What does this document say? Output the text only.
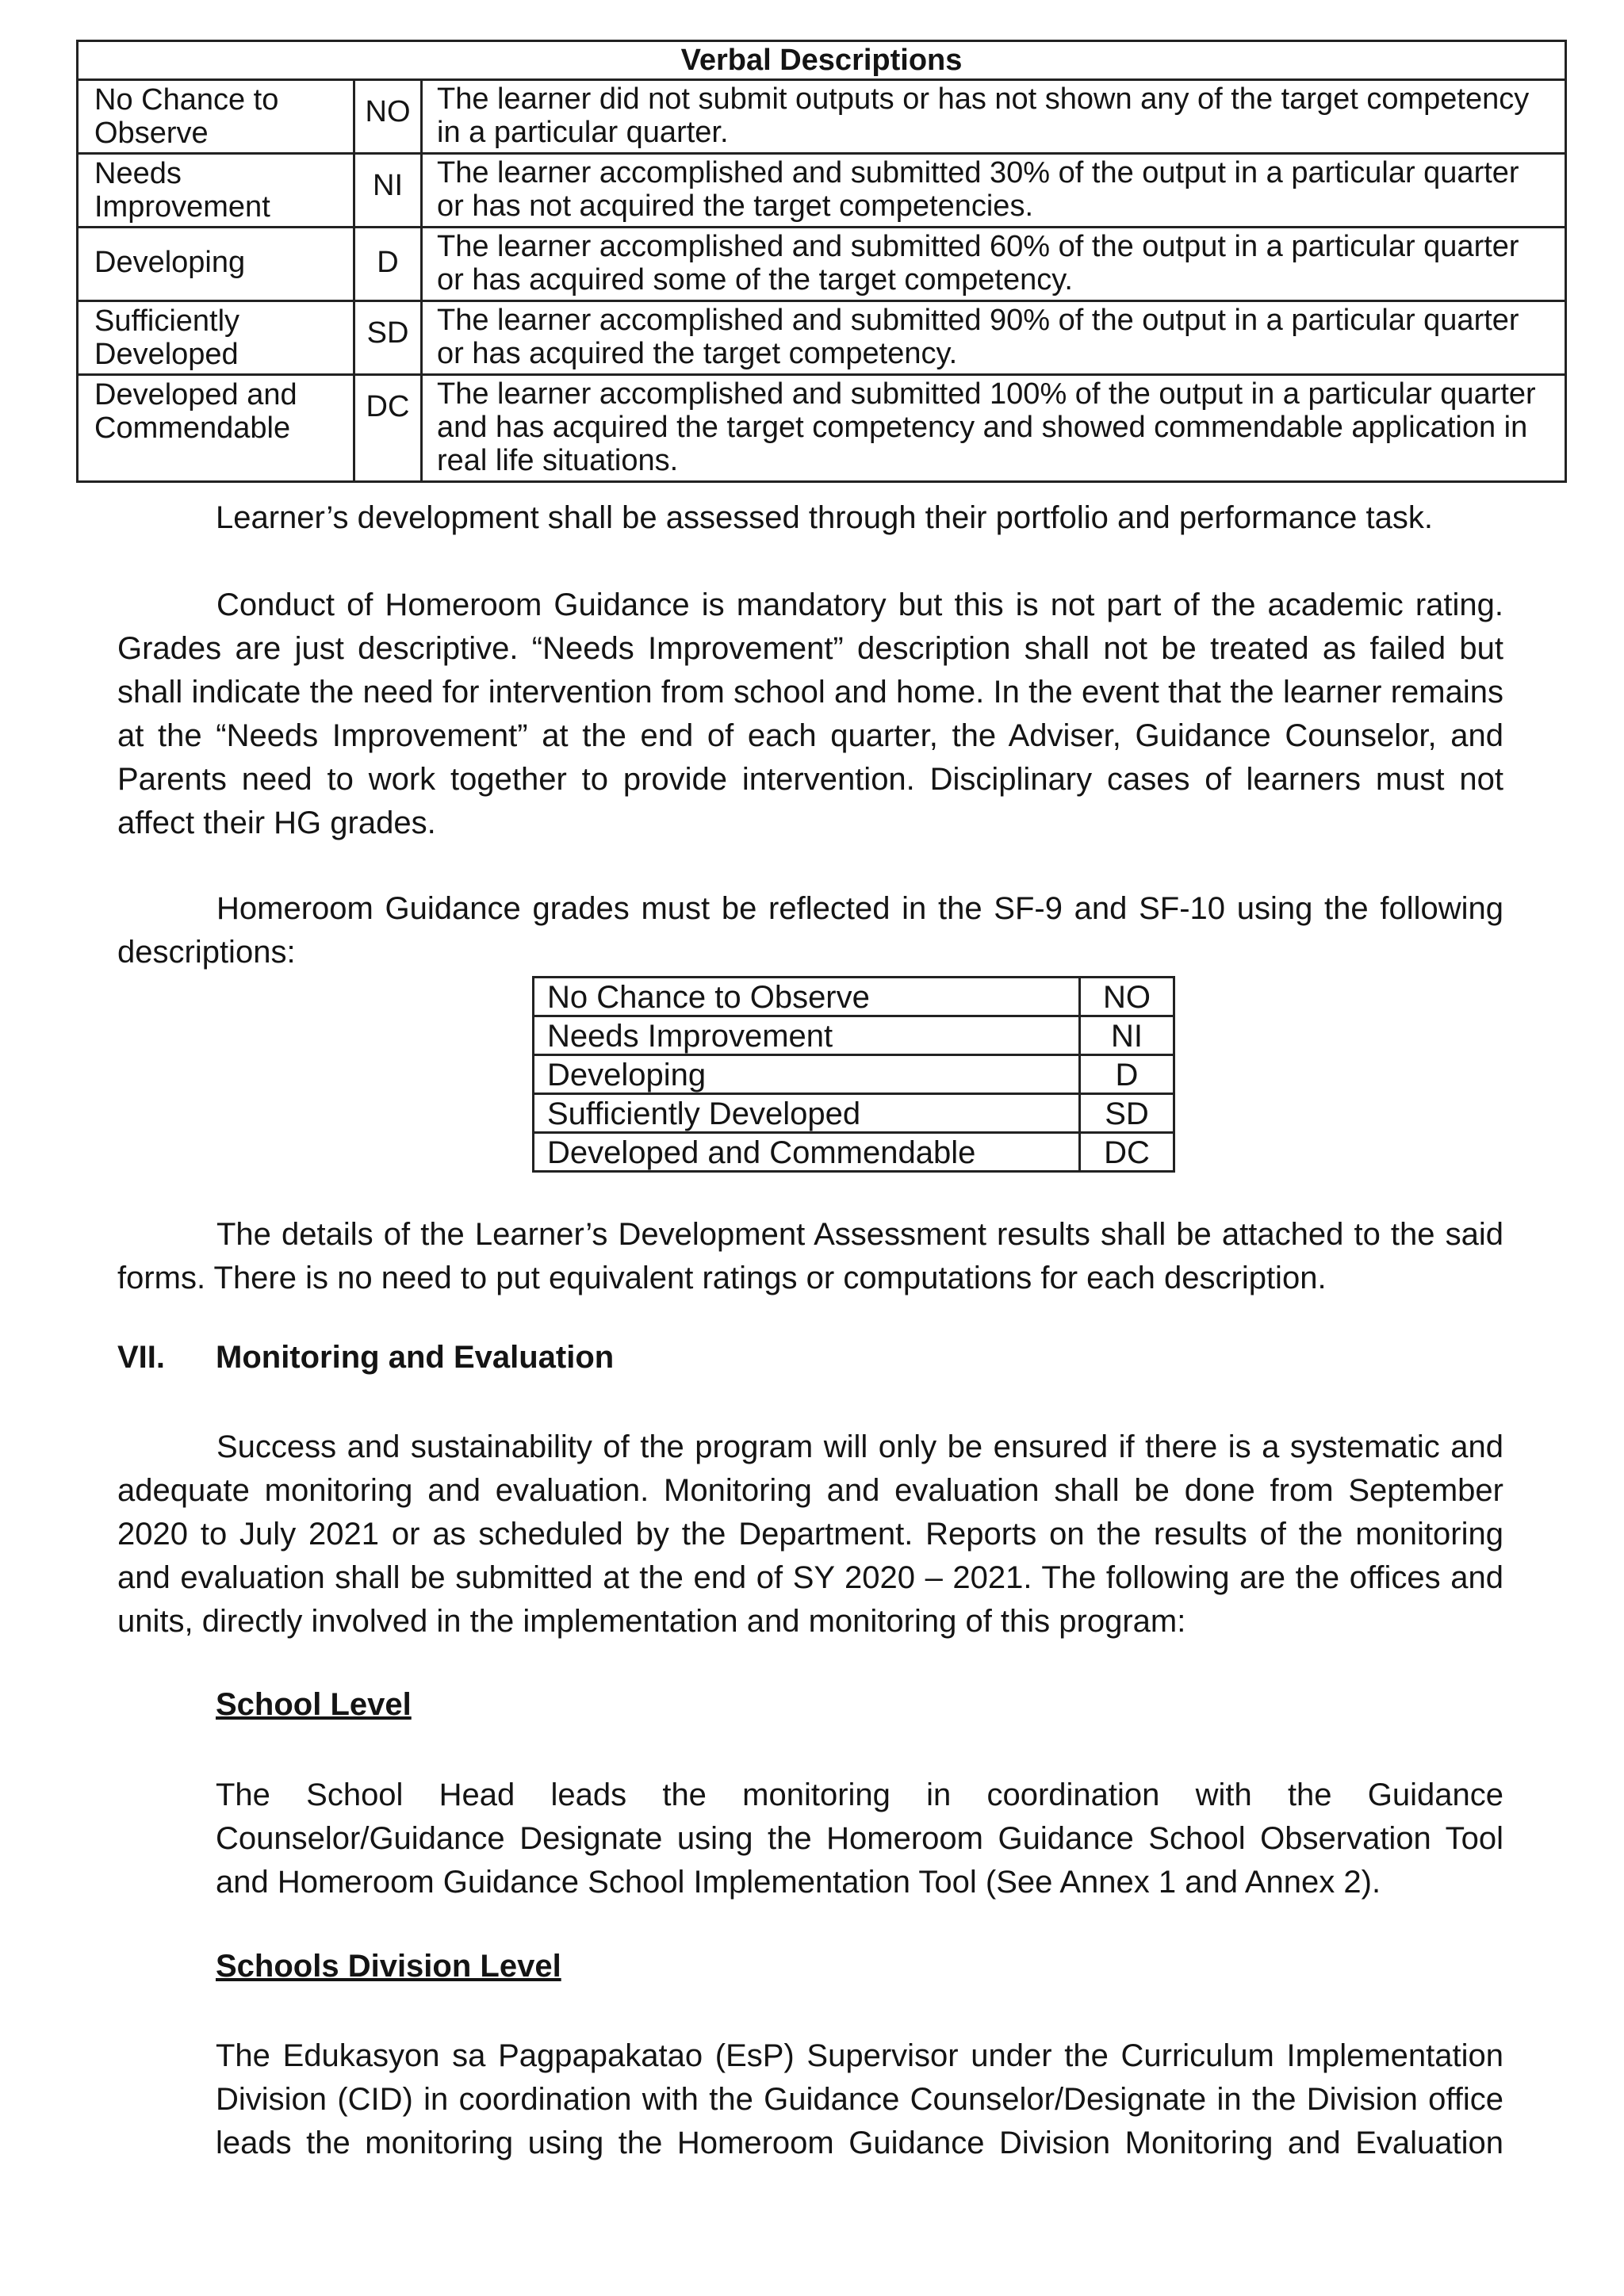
Verbal Descriptions		
No Chance to Observe	NO	The learner did not submit outputs or has not shown any of the target competency in a particular quarter.
Needs Improvement	NI	The learner accomplished and submitted 30% of the output in a particular quarter or has not acquired the target competencies.
Developing	D	The learner accomplished and submitted 60% of the output in a particular quarter or has acquired some of the target competency.
Sufficiently Developed	SD	The learner accomplished and submitted 90% of the output in a particular quarter or has acquired the target competency.
Developed and Commendable	DC	The learner accomplished and submitted 100% of the output in a particular quarter and has acquired the target competency and showed commendable application in real life situations.
Learner’s development shall be assessed through their portfolio and performance task.
Conduct of Homeroom Guidance is mandatory but this is not part of the academic rating. Grades are just descriptive. “Needs Improvement” description shall not be treated as failed but shall indicate the need for intervention from school and home. In the event that the learner remains at the “Needs Improvement” at the end of each quarter, the Adviser, Guidance Counselor, and Parents need to work together to provide intervention. Disciplinary cases of learners must not affect their HG grades.
Homeroom Guidance grades must be reflected in the SF-9 and SF-10 using the following descriptions:
No Chance to Observe	NO
Needs Improvement	NI
Developing	D
Sufficiently Developed	SD
Developed and Commendable	DC
The details of the Learner’s Development Assessment results shall be attached to the said forms. There is no need to put equivalent ratings or computations for each description.
VII. Monitoring and Evaluation
Success and sustainability of the program will only be ensured if there is a systematic and adequate monitoring and evaluation. Monitoring and evaluation shall be done from September 2020 to July 2021 or as scheduled by the Department. Reports on the results of the monitoring and evaluation shall be submitted at the end of SY 2020 – 2021. The following are the offices and units, directly involved in the implementation and monitoring of this program:
School Level
The School Head leads the monitoring in coordination with the Guidance Counselor/Guidance Designate using the Homeroom Guidance School Observation Tool and Homeroom Guidance School Implementation Tool (See Annex 1 and Annex 2).
Schools Division Level
The Edukasyon sa Pagpapakatao (EsP) Supervisor under the Curriculum Implementation Division (CID) in coordination with the Guidance Counselor/Designate in the Division office leads the monitoring using the Homeroom Guidance Division Monitoring and Evaluation
